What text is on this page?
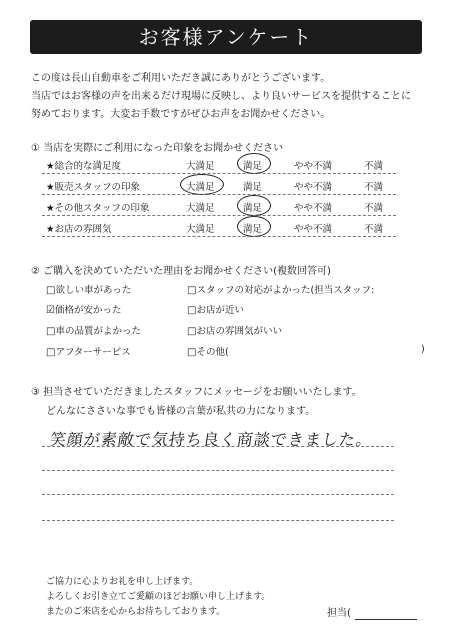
お客様アンケート
この度は長山自動車をご利用いただき誠にありがとうございます。
当店ではお客様の声を出来るだけ現場に反映し、より良いサービスを提供することに
努めております。大変お手数ですがぜひお声をお聞かせください。
① 当店を実際にご利用になった印象をお聞かせください
★総合的な満足度	大満足	満足	やや不満	不満
★販売スタッフの印象	大満足	満足	やや不満	不満
★その他スタッフの印象	大満足	満足	やや不満	不満
★お店の雰囲気	大満足	満足	やや不満	不満
② ご購入を決めていただいた理由をお聞かせください(複数回答可)
□欲しい車があった
☑価格が安かった
□車の品質がよかった
□アフターサービス
□スタッフの対応がよかった(担当スタッフ:
□お店が近い
□お店の雰囲気がいい
□その他(	)
③ 担当させていただきましたスタッフにメッセージをお願いいたします。
どんなにささいな事でも皆様の言葉が私共の力になります。
笑顔が素敵で気持ち良く商談できました。
ご協力に心よりお礼を申し上げます。
よろしくお引き立てご愛顧のほどお願い申し上げます。
またのご来店を心からお待ちしております。	担当(
